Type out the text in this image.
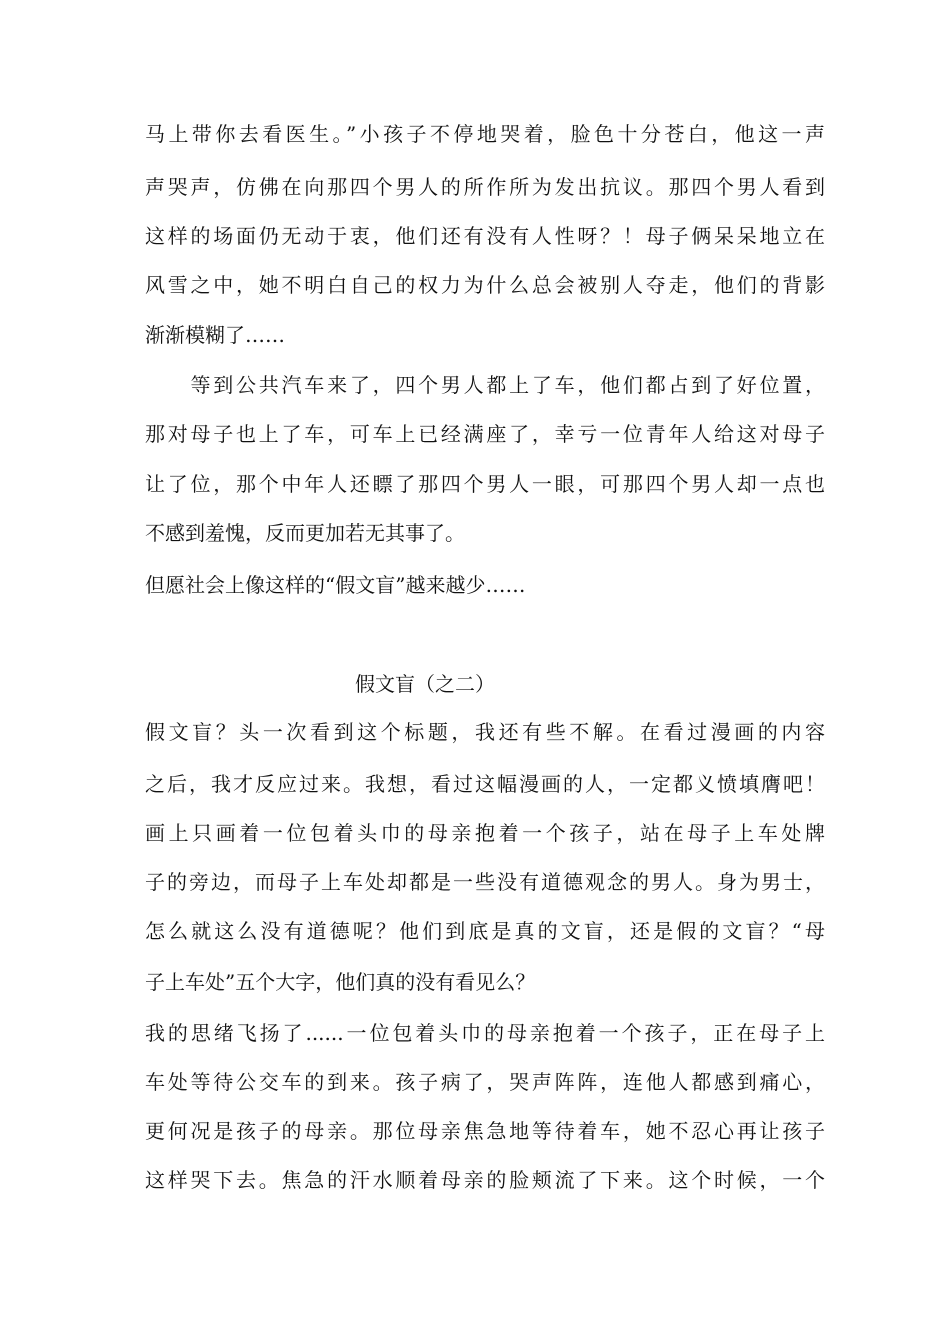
马上带你去看医生。”小孩子不停地哭着，脸色十分苍白，他这一声
声哭声，仿佛在向那四个男人的所作所为发出抗议。那四个男人看到
这样的场面仍无动于衷，他们还有没有人性呀？！母子俩呆呆地立在
风雪之中，她不明白自己的权力为什么总会被别人夺走，他们的背影
渐渐模糊了……
　　等到公共汽车来了，四个男人都上了车，他们都占到了好位置，
那对母子也上了车，可车上已经满座了，幸亏一位青年人给这对母子
让了位，那个中年人还瞟了那四个男人一眼，可那四个男人却一点也
不感到羞愧，反而更加若无其事了。
但愿社会上像这样的“假文盲”越来越少……
假文盲（之二）
假文盲？头一次看到这个标题，我还有些不解。在看过漫画的内容
之后，我才反应过来。我想，看过这幅漫画的人，一定都义愤填膺吧！
画上只画着一位包着头巾的母亲抱着一个孩子，站在母子上车处牌
子的旁边，而母子上车处却都是一些没有道德观念的男人。身为男士，
怎么就这么没有道德呢？他们到底是真的文盲，还是假的文盲？“母
子上车处”五个大字，他们真的没有看见么？
我的思绪飞扬了......一位包着头巾的母亲抱着一个孩子，正在母子上
车处等待公交车的到来。孩子病了，哭声阵阵，连他人都感到痛心，
更何况是孩子的母亲。那位母亲焦急地等待着车，她不忍心再让孩子
这样哭下去。焦急的汗水顺着母亲的脸颊流了下来。这个时候，一个
